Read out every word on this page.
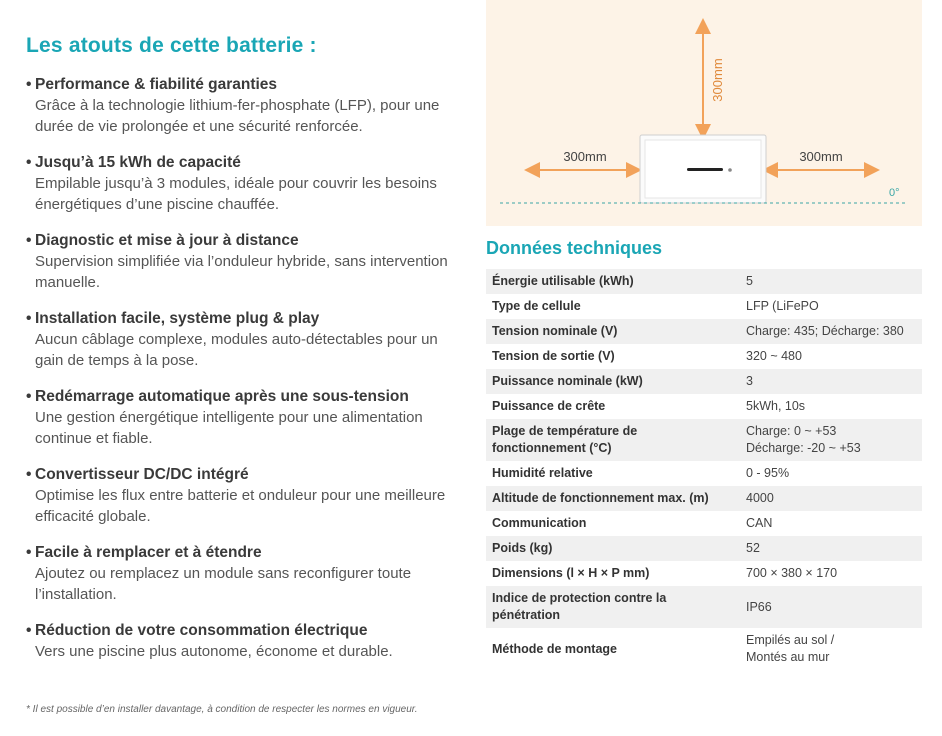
Les atouts de cette batterie :
• Performance & fiabilité garanties
Grâce à la technologie lithium-fer-phosphate (LFP), pour une durée de vie prolongée et une sécurité renforcée.
• Jusqu’à 15 kWh de capacité
Empilable jusqu’à 3 modules, idéale pour couvrir les besoins énergétiques d’une piscine chauffée.
• Diagnostic et mise à jour à distance
Supervision simplifiée via l’onduleur hybride, sans intervention manuelle.
• Installation facile, système plug & play
Aucun câblage complexe, modules auto-détectables pour un gain de temps à la pose.
• Redémarrage automatique après une sous-tension
Une gestion énergétique intelligente pour une alimentation continue et fiable.
• Convertisseur DC/DC intégré
Optimise les flux entre batterie et onduleur pour une meilleure efficacité globale.
• Facile à remplacer et à étendre
Ajoutez ou remplacez un module sans reconfigurer toute l’installation.
• Réduction de votre consommation électrique
Vers une piscine plus autonome, économe et durable.
* Il est possible d’en installer davantage, à condition de respecter les normes en vigueur.
300mm
300mm	300mm
0°
Données techniques
Énergie utilisable (kWh)	5
Type de cellule	LFP (LiFePO
Tension nominale (V)	Charge: 435; Décharge: 380
Tension de sortie (V)	320 ~ 480
Puissance nominale (kW)	3
Puissance de crête	5kWh, 10s
Plage de température de fonctionnement (°C)	Charge: 0 ~ +53
Décharge: -20 ~ +53
Humidité relative	0 - 95%
Altitude de fonctionnement max. (m)	4000
Communication	CAN
Poids (kg)	52
Dimensions (l × H × P mm)	700 × 380 × 170
Indice de protection contre la pénétration	IP66
Méthode de montage	Empilés au sol /
Montés au mur
